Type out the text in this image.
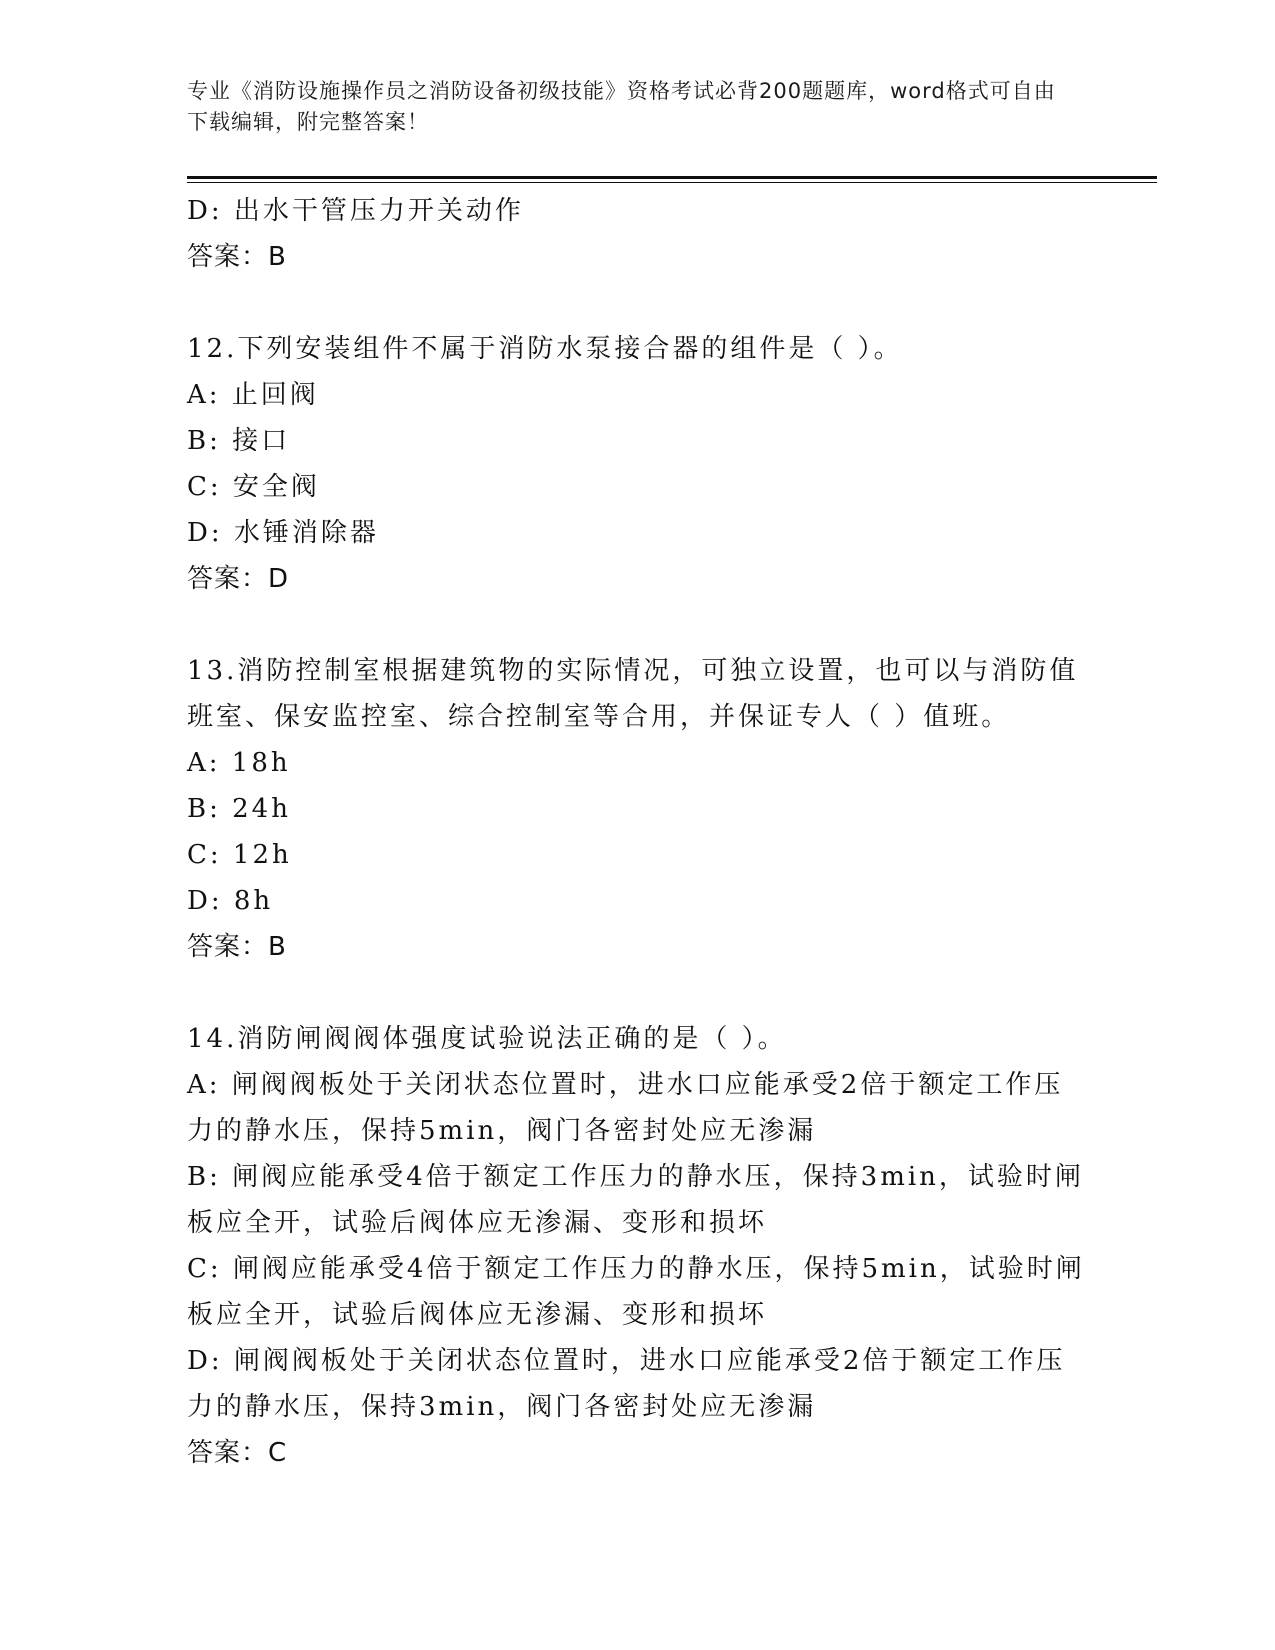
专业《消防设施操作员之消防设备初级技能》资格考试必背200题题库，word格式可自由下载编辑，附完整答案！
D: 出水干管压力开关动作
答案：B
12.下列安装组件不属于消防水泵接合器的组件是（ ）。
A: 止回阀
B: 接口
C: 安全阀
D: 水锤消除器
答案：D
13.消防控制室根据建筑物的实际情况，可独立设置，也可以与消防值
班室、保安监控室、综合控制室等合用，并保证专人（ ）值班。
A: 18h
B: 24h
C: 12h
D: 8h
答案：B
14.消防闸阀阀体强度试验说法正确的是（ ）。
A: 闸阀阀板处于关闭状态位置时，进水口应能承受2倍于额定工作压
力的静水压，保持5min，阀门各密封处应无渗漏
B: 闸阀应能承受4倍于额定工作压力的静水压，保持3min，试验时闸
板应全开，试验后阀体应无渗漏、变形和损坏
C: 闸阀应能承受4倍于额定工作压力的静水压，保持5min，试验时闸
板应全开，试验后阀体应无渗漏、变形和损坏
D: 闸阀阀板处于关闭状态位置时，进水口应能承受2倍于额定工作压
力的静水压，保持3min，阀门各密封处应无渗漏
答案：C
